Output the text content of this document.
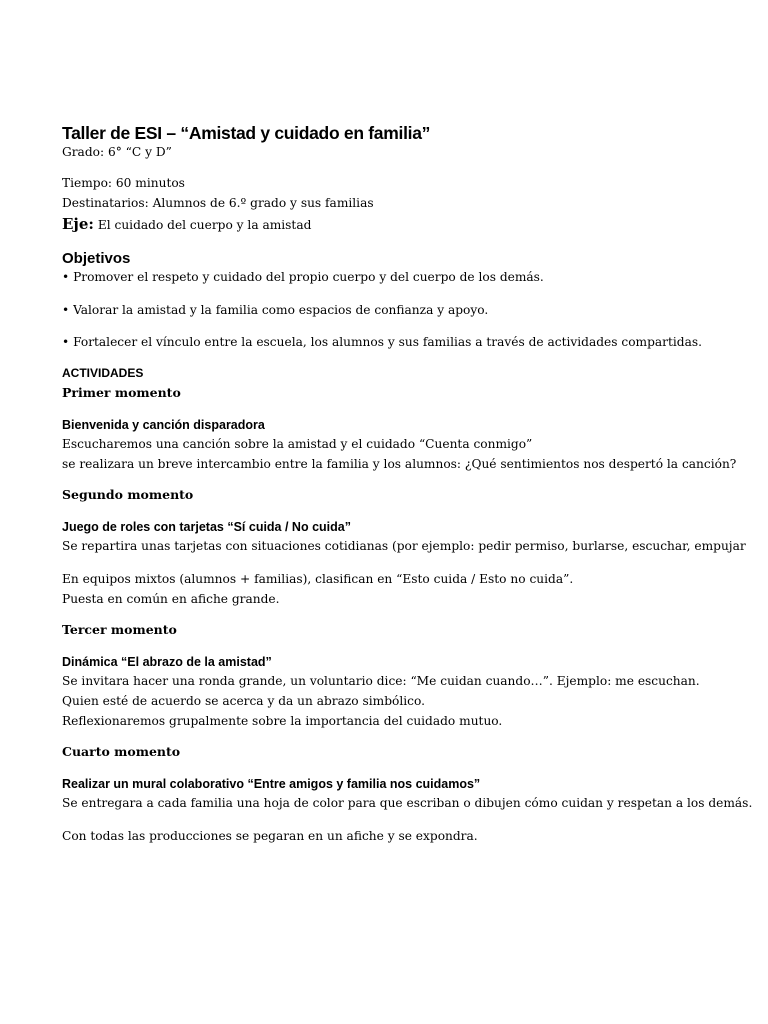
Taller de ESI – “Amistad y cuidado en familia”

Grado: 6° “C y D”

Tiempo: 60 minutos

Destinatarios: Alumnos de 6.º grado y sus familias

Eje: El cuidado del cuerpo y la amistad

Objetivos

• Promover el respeto y cuidado del propio cuerpo y del cuerpo de los demás.

• Valorar la amistad y la familia como espacios de confianza y apoyo.

• Fortalecer el vínculo entre la escuela, los alumnos y sus familias a través de actividades compartidas.

ACTIVIDADES

Primer momento

Bienvenida y canción disparadora

Escucharemos una canción sobre la amistad y el cuidado “Cuenta conmigo”

se realizara un breve intercambio entre la familia y los alumnos: ¿Qué sentimientos nos despertó la canción?

Segundo momento

Juego de roles con tarjetas “Sí cuida / No cuida”

Se repartira unas tarjetas con situaciones cotidianas (por ejemplo: pedir permiso, burlarse, escuchar, empujar

En equipos mixtos (alumnos + familias), clasifican en “Esto cuida / Esto no cuida”.

Puesta en común en afiche grande.

Tercer momento

Dinámica “El abrazo de la amistad”

Se invitara hacer una ronda grande, un voluntario dice: “Me cuidan cuando…”. Ejemplo: me escuchan.

Quien esté de acuerdo se acerca y da un abrazo simbólico.

Reflexionaremos grupalmente sobre la importancia del cuidado mutuo.

Cuarto momento

Realizar un mural colaborativo “Entre amigos y familia nos cuidamos”

Se entregara a cada familia una hoja de color para que escriban o dibujen cómo cuidan y respetan a los demás.

Con todas las producciones se pegaran en un afiche y se expondra.
